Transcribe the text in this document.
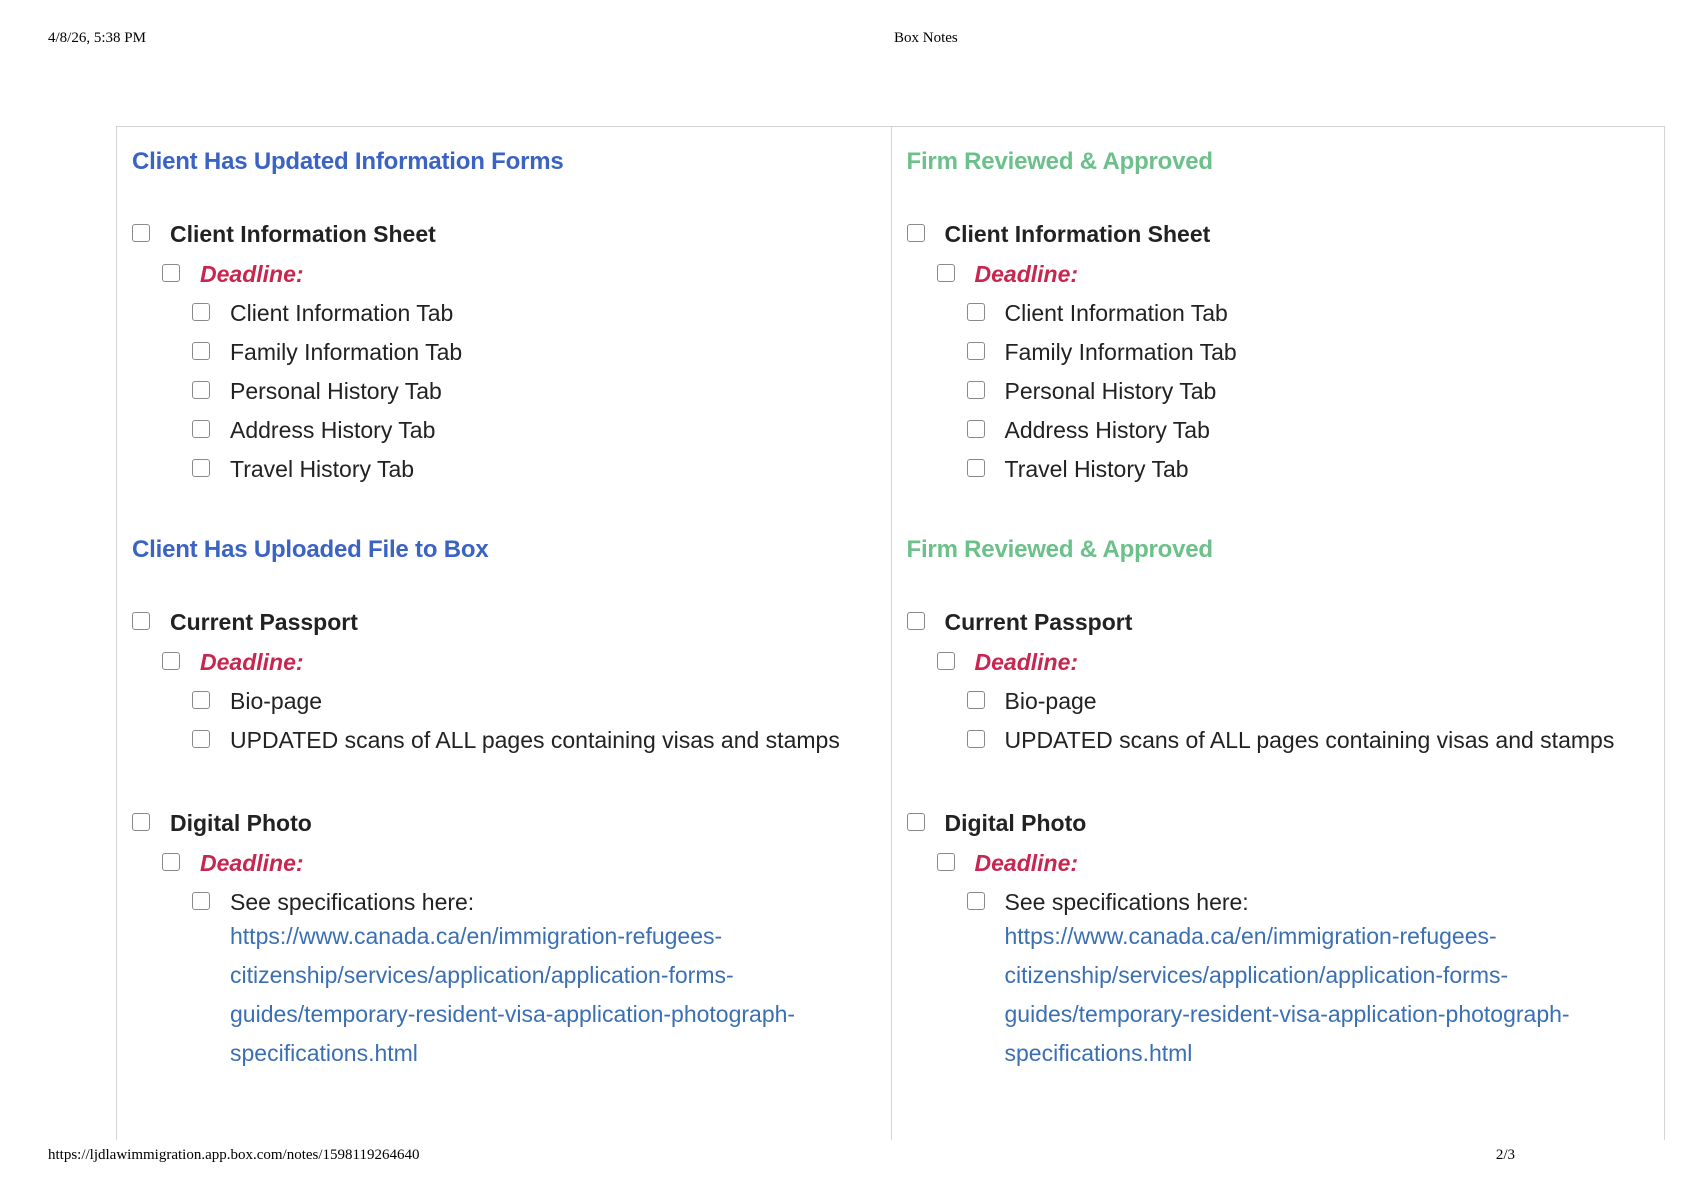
4/8/26, 5:38 PM	Box Notes

Client Has Updated Information Forms

Client Information Sheet
Deadline:
Client Information Tab
Family Information Tab
Personal History Tab
Address History Tab
Travel History Tab

Client Has Uploaded File to Box

Current Passport
Deadline:
Bio-page
UPDATED scans of ALL pages containing visas and stamps
Digital Photo
Deadline:
See specifications here:
https://www.canada.ca/en/immigration-refugees-
citizenship/services/application/application-forms-
guides/temporary-resident-visa-application-photograph-
specifications.html

Firm Reviewed & Approved

Client Information Sheet
Deadline:
Client Information Tab
Family Information Tab
Personal History Tab
Address History Tab
Travel History Tab

Firm Reviewed & Approved

Current Passport
Deadline:
Bio-page
UPDATED scans of ALL pages containing visas and stamps
Digital Photo
Deadline:
See specifications here:
https://www.canada.ca/en/immigration-refugees-
citizenship/services/application/application-forms-
guides/temporary-resident-visa-application-photograph-
specifications.html
https://ljdlawimmigration.app.box.com/notes/1598119264640	2/3
